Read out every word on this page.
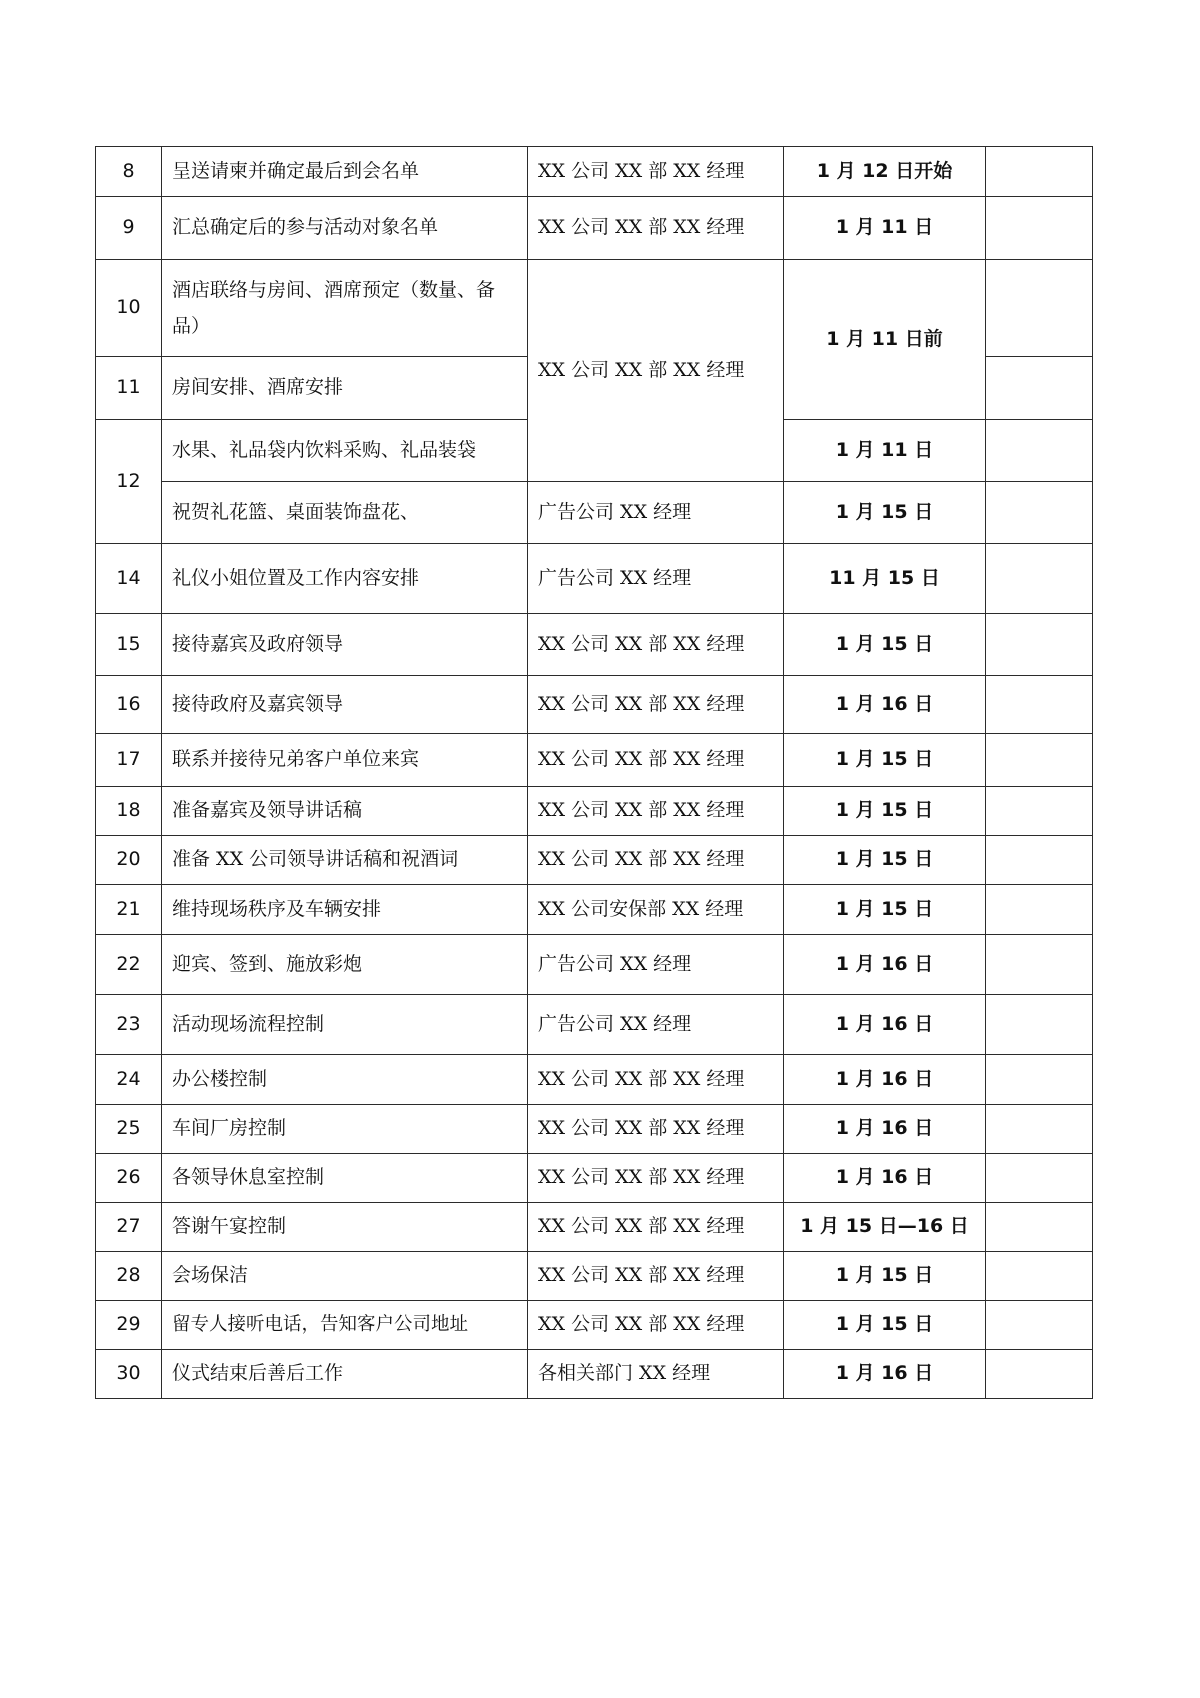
8	呈送请柬并确定最后到会名单	XX 公司 XX 部 XX 经理	1 月 12 日开始	
9	汇总确定后的参与活动对象名单	XX 公司 XX 部 XX 经理	1 月 11 日	
10	酒店联络与房间、酒席预定（数量、备品）	XX 公司 XX 部 XX 经理	1 月 11 日前	
11	房间安排、酒席安排			
12	水果、礼品袋内饮料采购、礼品装袋		1 月 11 日	
	祝贺礼花篮、桌面装饰盘花、	广告公司 XX 经理	1 月 15 日	
14	礼仪小姐位置及工作内容安排	广告公司 XX 经理	11 月 15 日	
15	接待嘉宾及政府领导	XX 公司 XX 部 XX 经理	1 月 15 日	
16	接待政府及嘉宾领导	XX 公司 XX 部 XX 经理	1 月 16 日	
17	联系并接待兄弟客户单位来宾	XX 公司 XX 部 XX 经理	1 月 15 日	
18	准备嘉宾及领导讲话稿	XX 公司 XX 部 XX 经理	1 月 15 日	
20	准备 XX 公司领导讲话稿和祝酒词	XX 公司 XX 部 XX 经理	1 月 15 日	
21	维持现场秩序及车辆安排	XX 公司安保部 XX 经理	1 月 15 日	
22	迎宾、签到、施放彩炮	广告公司 XX 经理	1 月 16 日	
23	活动现场流程控制	广告公司 XX 经理	1 月 16 日	
24	办公楼控制	XX 公司 XX 部 XX 经理	1 月 16 日	
25	车间厂房控制	XX 公司 XX 部 XX 经理	1 月 16 日	
26	各领导休息室控制	XX 公司 XX 部 XX 经理	1 月 16 日	
27	答谢午宴控制	XX 公司 XX 部 XX 经理	1 月 15 日—16 日	
28	会场保洁	XX 公司 XX 部 XX 经理	1 月 15 日	
29	留专人接听电话，告知客户公司地址	XX 公司 XX 部 XX 经理	1 月 15 日	
30	仪式结束后善后工作	各相关部门 XX 经理	1 月 16 日	
